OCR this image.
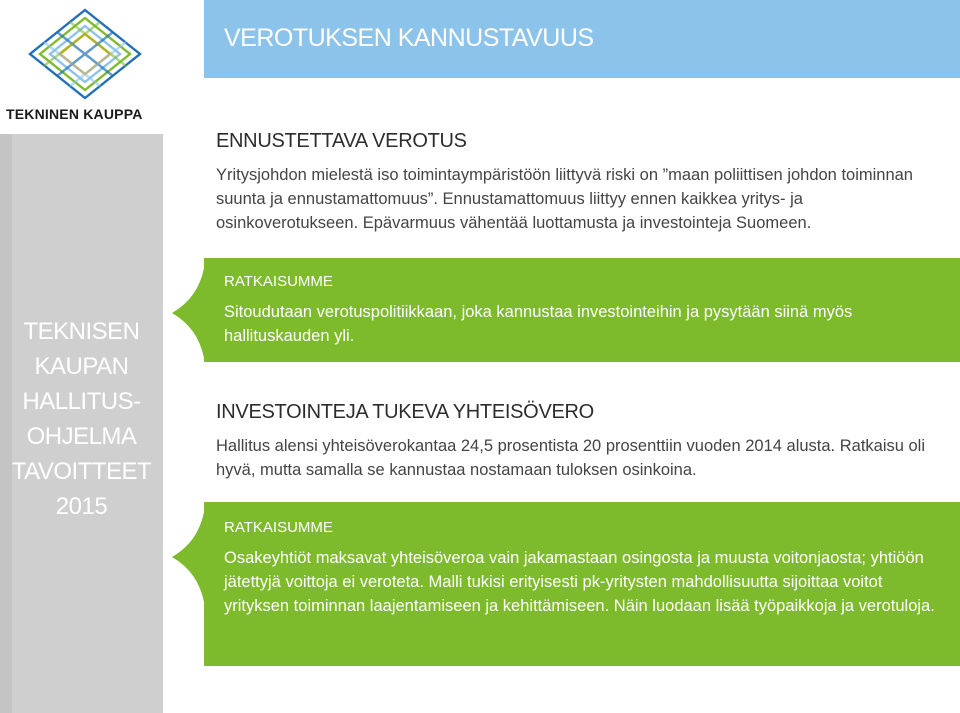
TEKNINEN KAUPPA
VEROTUKSEN KANNUSTAVUUS
TEKNISEN
KAUPAN
HALLITUS-
OHJELMA
TAVOITTEET
2015
ENNUSTETTAVA VEROTUS
Yritysjohdon mielestä iso toimintaympäristöön liittyvä riski on ”maan poliittisen johdon toiminnan suunta ja ennustamattomuus”. Ennustamattomuus liittyy ennen kaikkea yritys- ja osinkoverotukseen. Epävarmuus vähentää luottamusta ja investointeja Suomeen.
RATKAISUMME
Sitoudutaan verotuspolitiikkaan, joka kannustaa investointeihin ja pysytään siinä myös hallituskauden yli.
INVESTOINTEJA TUKEVA YHTEISÖVERO
Hallitus alensi yhteisöverokantaa 24,5 prosentista 20 prosenttiin vuoden 2014 alusta. Ratkaisu oli hyvä, mutta samalla se kannustaa nostamaan tuloksen osinkoina.
RATKAISUMME
Osakeyhtiöt maksavat yhteisöveroa vain jakamastaan osingosta ja muusta voitonjaosta; yhtiöön jätettyjä voittoja ei veroteta. Malli tukisi erityisesti pk-yritysten mahdollisuutta sijoittaa voitot yrityksen toiminnan laajentamiseen ja kehittämiseen. Näin luodaan lisää työpaikkoja ja verotuloja.
